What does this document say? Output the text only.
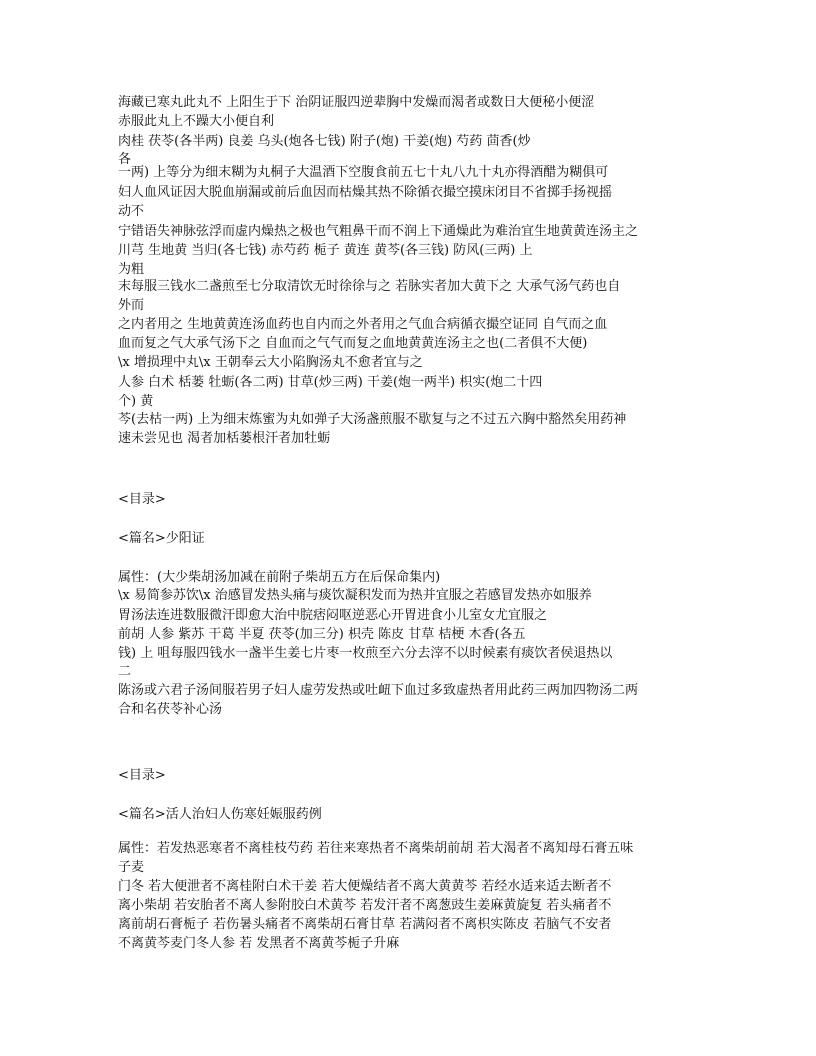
海藏已寒丸此丸不 上阳生于下 治阴证服四逆辈胸中发燥而渴者或数日大便秘小便涩
赤服此丸上不躁大小便自利
肉桂 茯苓(各半两) 良姜 乌头(炮各七钱) 附子(炮) 干姜(炮) 芍药 茴香(炒
各
一两) 上等分为细末糊为丸桐子大温酒下空腹食前五七十丸八九十丸亦得酒醋为糊俱可
妇人血风证因大脱血崩漏或前后血因而枯燥其热不除循衣撮空摸床闭目不省掷手扬视摇
动不
宁错语失神脉弦浮而虚内燥热之极也气粗鼻干而不润上下通燥此为难治宜生地黄黄连汤主之
川芎 生地黄 当归(各七钱) 赤芍药 栀子 黄连 黄芩(各三钱) 防风(三两) 上
为粗
末每服三钱水二盏煎至七分取清饮无时徐徐与之 若脉实者加大黄下之 大承气汤气药也自
外而
之内者用之 生地黄黄连汤血药也自内而之外者用之气血合病循衣撮空证同 自气而之血
血而复之气大承气汤下之 自血而之气气而复之血地黄黄连汤主之也(二者俱不大便)
\x 增损理中丸\x 王朝奉云大小陷胸汤丸不愈者宜与之
人参 白术 栝蒌 牡蛎(各二两) 甘草(炒三两) 干姜(炮一两半) 枳实(炮二十四
个) 黄
芩(去枯一两) 上为细末炼蜜为丸如弹子大汤盏煎服不歇复与之不过五六胸中豁然矣用药神
速未尝见也 渴者加栝蒌根汗者加牡蛎
<目录>
<篇名>少阳证
属性：(大少柴胡汤加减在前附子柴胡五方在后保命集内)
\x 易简参苏饮\x 治感冒发热头痛与痰饮凝积发而为热并宜服之若感冒发热亦如服养
胃汤法连进数服微汗即愈大治中脘痞闷呕逆恶心开胃进食小儿室女尤宜服之
前胡 人参 紫苏 干葛 半夏 茯苓(加三分) 枳壳 陈皮 甘草 桔梗 木香(各五
钱) 上 咀每服四钱水一盏半生姜七片枣一枚煎至六分去滓不以时候素有痰饮者侯退热以
二
陈汤或六君子汤间服若男子妇人虚劳发热或吐衄下血过多致虚热者用此药三两加四物汤二两
合和名茯苓补心汤
<目录>
<篇名>活人治妇人伤寒妊娠服药例
属性：若发热恶寒者不离桂枝芍药 若往来寒热者不离柴胡前胡 若大渴者不离知母石膏五味
子麦
门冬 若大便泄者不离桂附白术干姜 若大便燥结者不离大黄黄芩 若经水适来适去断者不
离小柴胡 若安胎者不离人参附胶白术黄芩 若发汗者不离葱豉生姜麻黄旋复 若头痛者不
离前胡石膏栀子 若伤暑头痛者不离柴胡石膏甘草 若满闷者不离枳实陈皮 若脑气不安者
不离黄芩麦门冬人参 若 发黑者不离黄芩栀子升麻
